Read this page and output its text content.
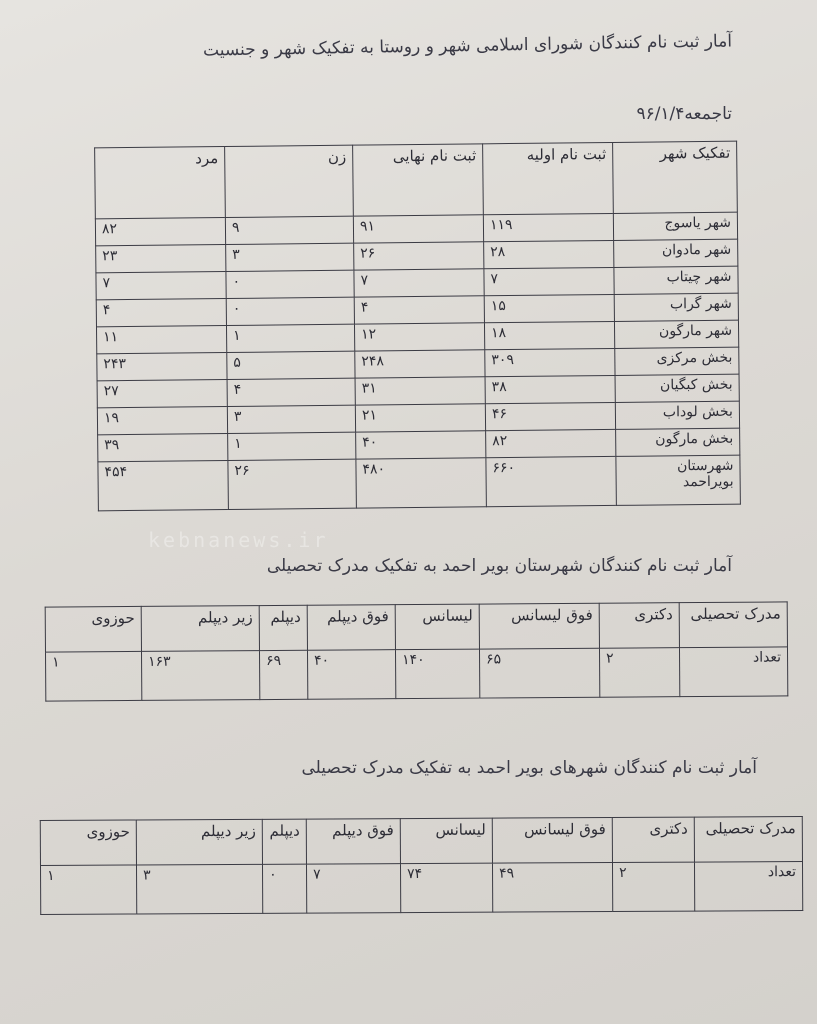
آمار ثبت نام کنندگان شورای اسلامی شهر و روستا به تفکیک شهر و جنسیت
تاجمعه۹۶/۱/۴
تفکیک شهر	ثبت نام اولیه	ثبت نام نهایی	زن	مرد
شهر یاسوج	۱۱۹	۹۱	۹	۸۲
شهر مادوان	۲۸	۲۶	۳	۲۳
شهر چیتاب	۷	۷	۰	۷
شهر گراب	۱۵	۴	۰	۴
شهر مارگون	۱۸	۱۲	۱	۱۱
بخش مرکزی	۳۰۹	۲۴۸	۵	۲۴۳
بخش کبگیان	۳۸	۳۱	۴	۲۷
بخش لوداب	۴۶	۲۱	۳	۱۹
بخش مارگون	۸۲	۴۰	۱	۳۹
شهرستان بویراحمد	۶۶۰	۴۸۰	۲۶	۴۵۴
kebnanews.ir
آمار ثبت نام کنندگان شهرستان بویر احمد به تفکیک مدرک تحصیلی
مدرک تحصیلی	دکتری	فوق لیسانس	لیسانس	فوق دیپلم	دیپلم	زیر دیپلم	حوزوی
تعداد	۲	۶۵	۱۴۰	۴۰	۶۹	۱۶۳	۱
آمار ثبت نام کنندگان شهرهای بویر احمد به تفکیک مدرک تحصیلی
مدرک تحصیلی	دکتری	فوق لیسانس	لیسانس	فوق دیپلم	دیپلم	زیر دیپلم	حوزوی
تعداد	۲	۴۹	۷۴	۷	۰	۳	۱
